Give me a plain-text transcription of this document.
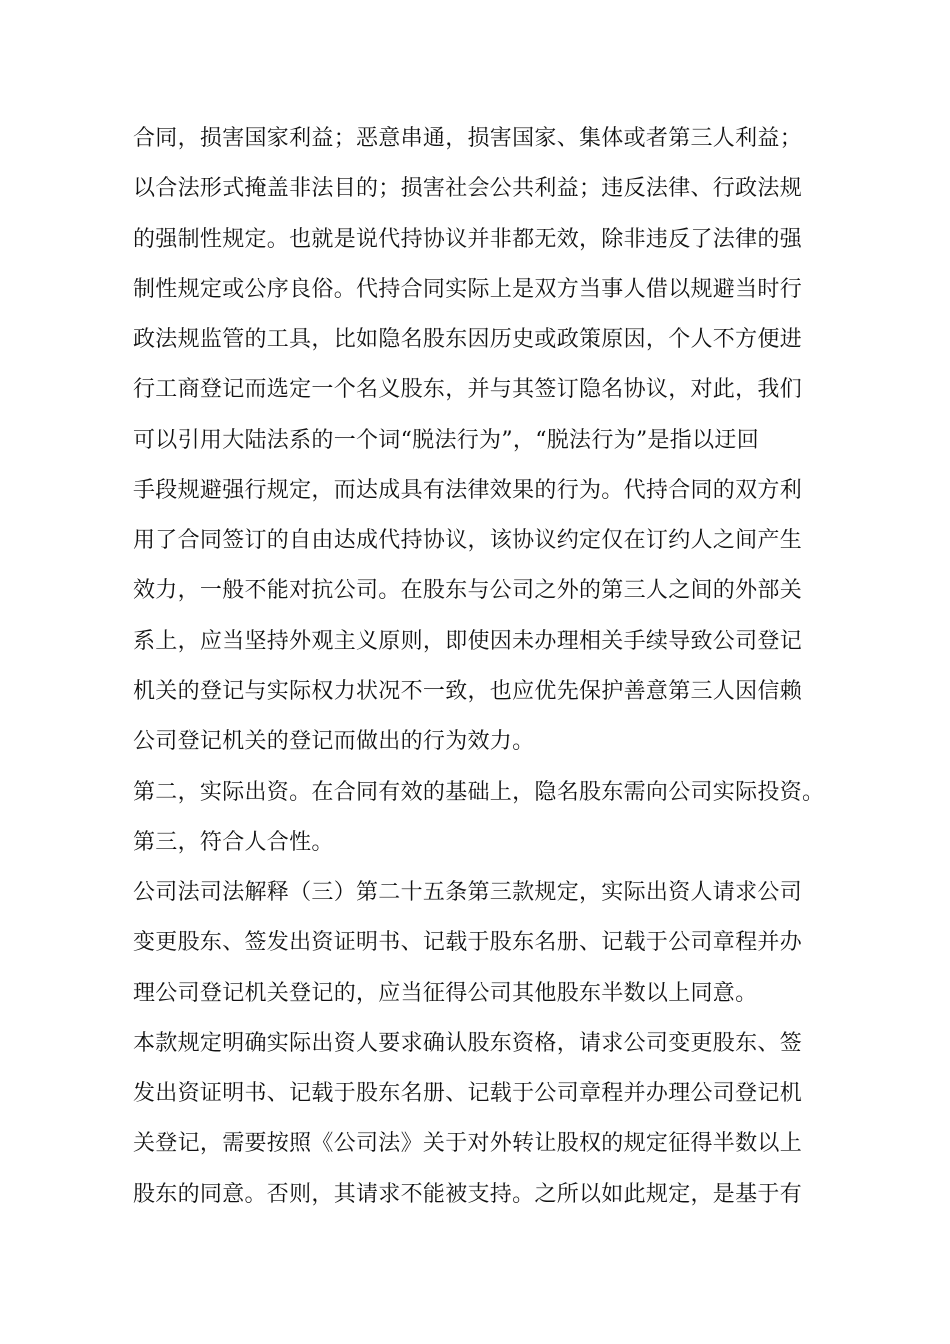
合同，损害国家利益；恶意串通，损害国家、集体或者第三人利益；
以合法形式掩盖非法目的；损害社会公共利益；违反法律、行政法规
的强制性规定。也就是说代持协议并非都无效，除非违反了法律的强
制性规定或公序良俗。代持合同实际上是双方当事人借以规避当时行
政法规监管的工具，比如隐名股东因历史或政策原因，个人不方便进
行工商登记而选定一个名义股东，并与其签订隐名协议，对此，我们
可以引用大陆法系的一个词“脱法行为”，“脱法行为”是指以迂回
手段规避强行规定，而达成具有法律效果的行为。代持合同的双方利
用了合同签订的自由达成代持协议，该协议约定仅在订约人之间产生
效力，一般不能对抗公司。在股东与公司之外的第三人之间的外部关
系上，应当坚持外观主义原则，即使因未办理相关手续导致公司登记
机关的登记与实际权力状况不一致，也应优先保护善意第三人因信赖
公司登记机关的登记而做出的行为效力。
第二，实际出资。在合同有效的基础上，隐名股东需向公司实际投资。
第三，符合人合性。
公司法司法解释（三）第二十五条第三款规定，实际出资人请求公司
变更股东、签发出资证明书、记载于股东名册、记载于公司章程并办
理公司登记机关登记的，应当征得公司其他股东半数以上同意。
本款规定明确实际出资人要求确认股东资格，请求公司变更股东、签
发出资证明书、记载于股东名册、记载于公司章程并办理公司登记机
关登记，需要按照《公司法》关于对外转让股权的规定征得半数以上
股东的同意。否则，其请求不能被支持。之所以如此规定，是基于有
